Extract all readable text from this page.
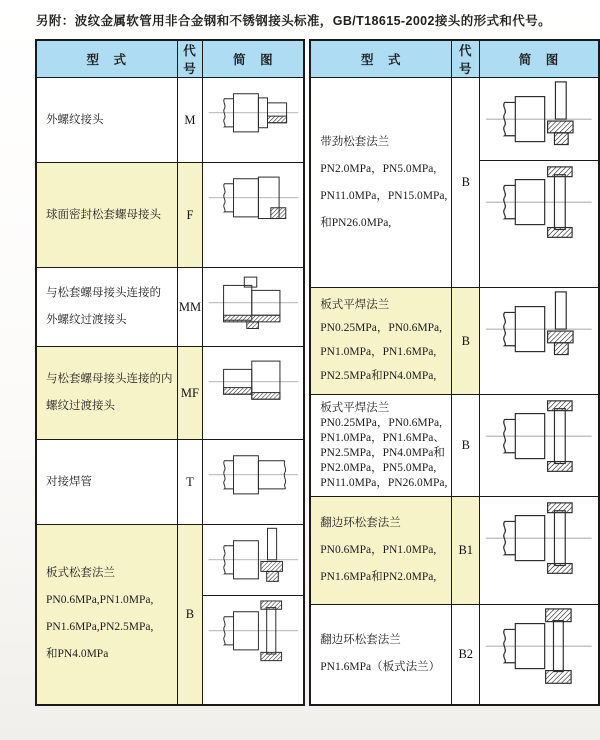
另附：波纹金属软管用非合金钢和不锈钢接头标准，GB/T18615-2002接头的形式和代号。
型　式	代号	简　图

外螺纹接头	M	

球面密封松套螺母接头	F	

与松套螺母接头连接的
外螺纹过渡接头	MM	

与松套螺母接头连接的内
螺纹过渡接头	MF	

对接焊管	T	

板式松套法兰
PN0.6MPa,PN1.0MPa,
PN1.6MPa,PN2.5MPa,
和PN4.0MPa	B	
型　式	代号	简　图

带劲松套法兰
PN2.0MPa，PN5.0MPa,
PN11.0MPa，PN15.0MPa,
和PN26.0MPa,	B	

板式平焊法兰
PN0.25MPa，PN0.6MPa,
PN1.0MPa，PN1.6MPa,
PN2.5MPa和PN4.0MPa,	B	

板式平焊法兰
PN0.25MPa，PN0.6MPa,
PN1.0MPa，PN1.6MPa、
PN2.5MPa，PN4.0MPa和
PN2.0MPa，PN5.0MPa,
PN11.0MPa，PN26.0MPa,
	B	

翻边环松套法兰
PN0.6MPa，PN1.0MPa,
PN1.6MPa和PN2.0MPa,	B1	

翻边环松套法兰
PN1.6MPa（板式法兰）	B2	
